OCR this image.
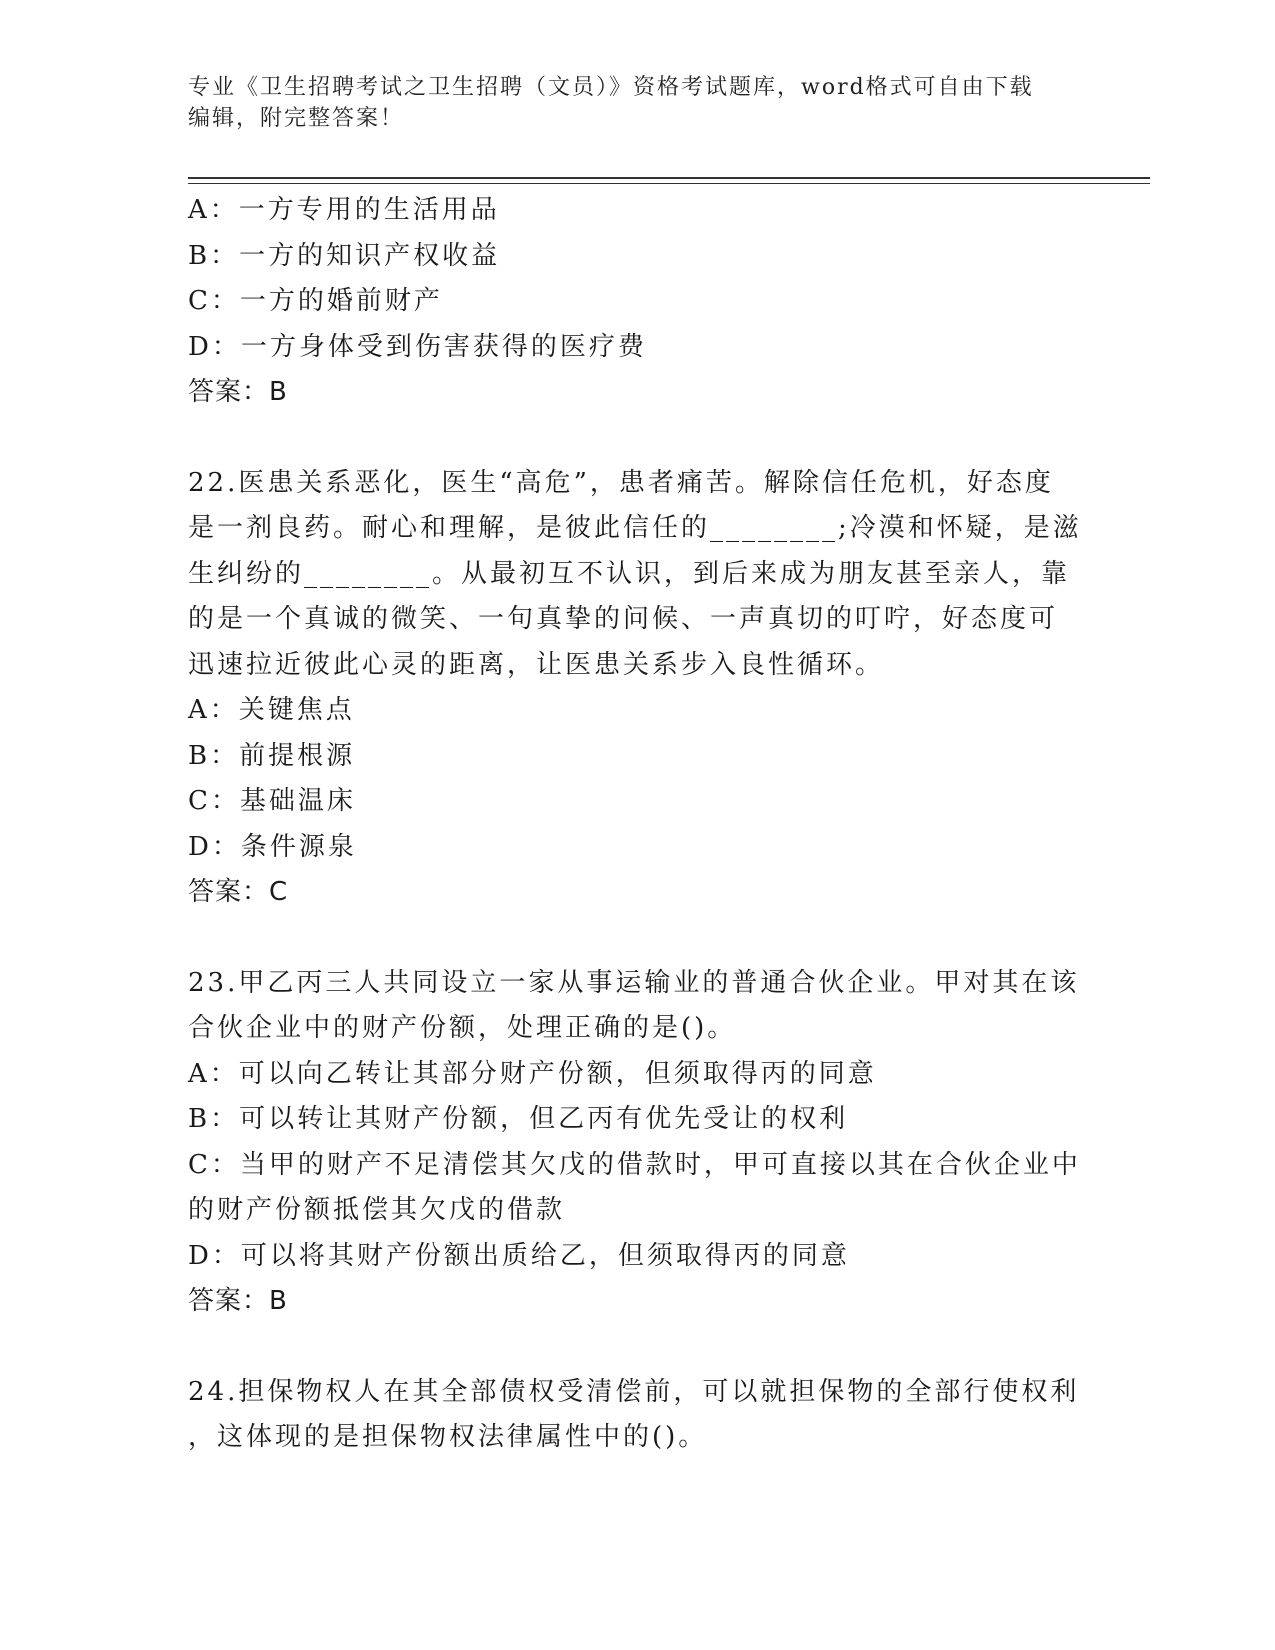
专业《卫生招聘考试之卫生招聘（文员）》资格考试题库，word格式可自由下载
编辑，附完整答案！
A：一方专用的生活用品
B：一方的知识产权收益
C：一方的婚前财产
D：一方身体受到伤害获得的医疗费
答案：B
22.医患关系恶化，医生“高危”，患者痛苦。解除信任危机，好态度
是一剂良药。耐心和理解，是彼此信任的________;冷漠和怀疑，是滋
生纠纷的________。从最初互不认识，到后来成为朋友甚至亲人，靠
的是一个真诚的微笑、一句真挚的问候、一声真切的叮咛，好态度可
迅速拉近彼此心灵的距离，让医患关系步入良性循环。
A：关键焦点
B：前提根源
C：基础温床
D：条件源泉
答案：C
23.甲乙丙三人共同设立一家从事运输业的普通合伙企业。甲对其在该
合伙企业中的财产份额，处理正确的是()。
A：可以向乙转让其部分财产份额，但须取得丙的同意
B：可以转让其财产份额，但乙丙有优先受让的权利
C：当甲的财产不足清偿其欠戊的借款时，甲可直接以其在合伙企业中
的财产份额抵偿其欠戊的借款
D：可以将其财产份额出质给乙，但须取得丙的同意
答案：B
24.担保物权人在其全部债权受清偿前，可以就担保物的全部行使权利
，这体现的是担保物权法律属性中的()。
